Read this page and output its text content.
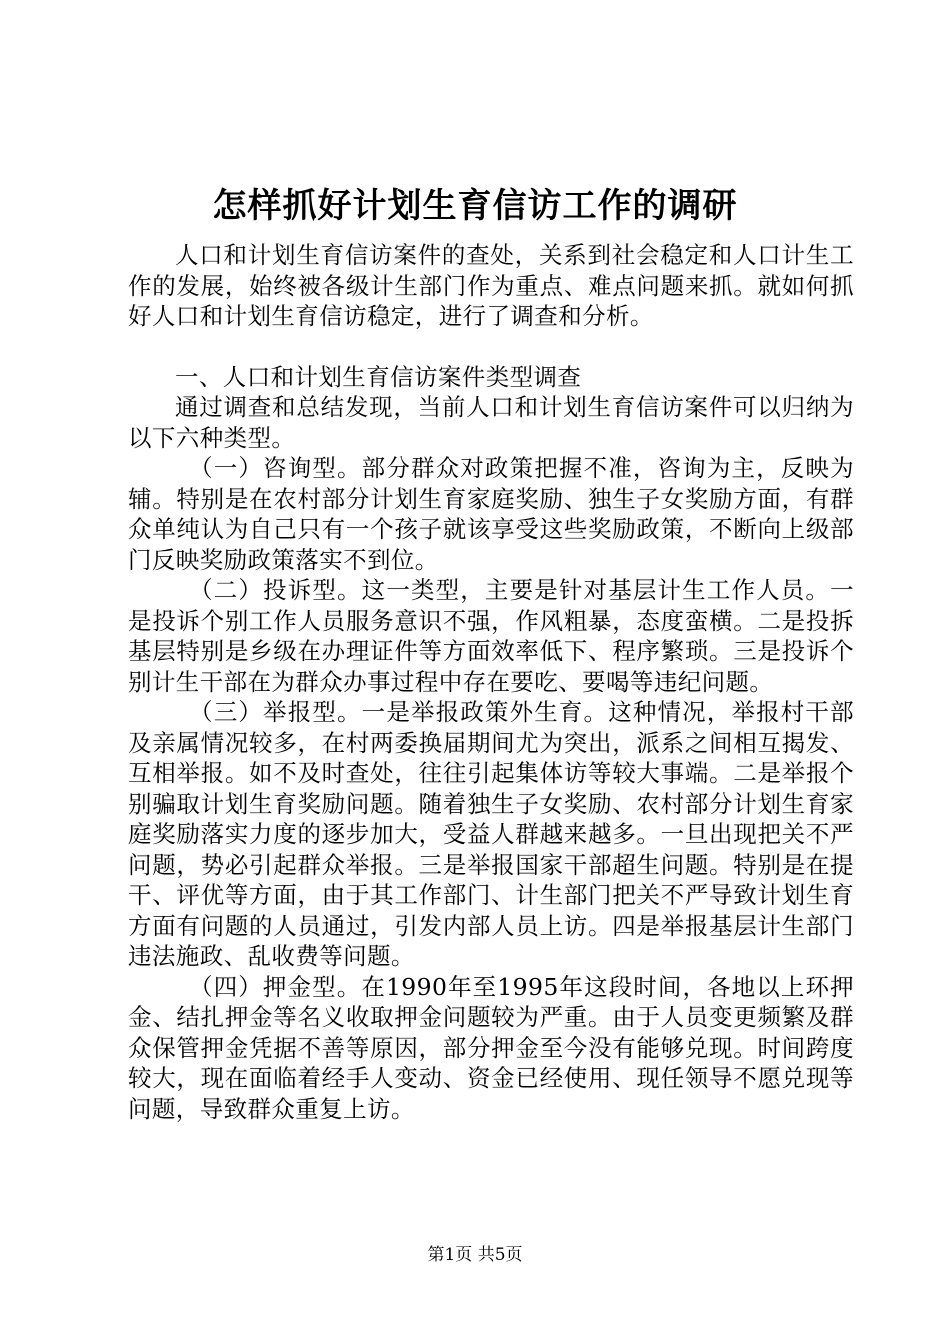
怎样抓好计划生育信访工作的调研

人口和计划生育信访案件的查处，关系到社会稳定和人口计生工作的发展，始终被各级计生部门作为重点、难点问题来抓。就如何抓好人口和计划生育信访稳定，进行了调查和分析。

一、人口和计划生育信访案件类型调查

通过调查和总结发现，当前人口和计划生育信访案件可以归纳为以下六种类型。

（一）咨询型。部分群众对政策把握不准，咨询为主，反映为辅。特别是在农村部分计划生育家庭奖励、独生子女奖励方面，有群众单纯认为自己只有一个孩子就该享受这些奖励政策，不断向上级部门反映奖励政策落实不到位。

（二）投诉型。这一类型，主要是针对基层计生工作人员。一是投诉个别工作人员服务意识不强，作风粗暴，态度蛮横。二是投拆基层特别是乡级在办理证件等方面效率低下、程序繁琐。三是投诉个别计生干部在为群众办事过程中存在要吃、要喝等违纪问题。

（三）举报型。一是举报政策外生育。这种情况，举报村干部及亲属情况较多，在村两委换届期间尤为突出，派系之间相互揭发、互相举报。如不及时查处，往往引起集体访等较大事端。二是举报个别骗取计划生育奖励问题。随着独生子女奖励、农村部分计划生育家庭奖励落实力度的逐步加大，受益人群越来越多。一旦出现把关不严问题，势必引起群众举报。三是举报国家干部超生问题。特别是在提干、评优等方面，由于其工作部门、计生部门把关不严导致计划生育方面有问题的人员通过，引发内部人员上访。四是举报基层计生部门违法施政、乱收费等问题。

（四）押金型。在1990年至1995年这段时间，各地以上环押金、结扎押金等名义收取押金问题较为严重。由于人员变更频繁及群众保管押金凭据不善等原因，部分押金至今没有能够兑现。时间跨度较大，现在面临着经手人变动、资金已经使用、现任领导不愿兑现等问题，导致群众重复上访。

第1页 共5页
